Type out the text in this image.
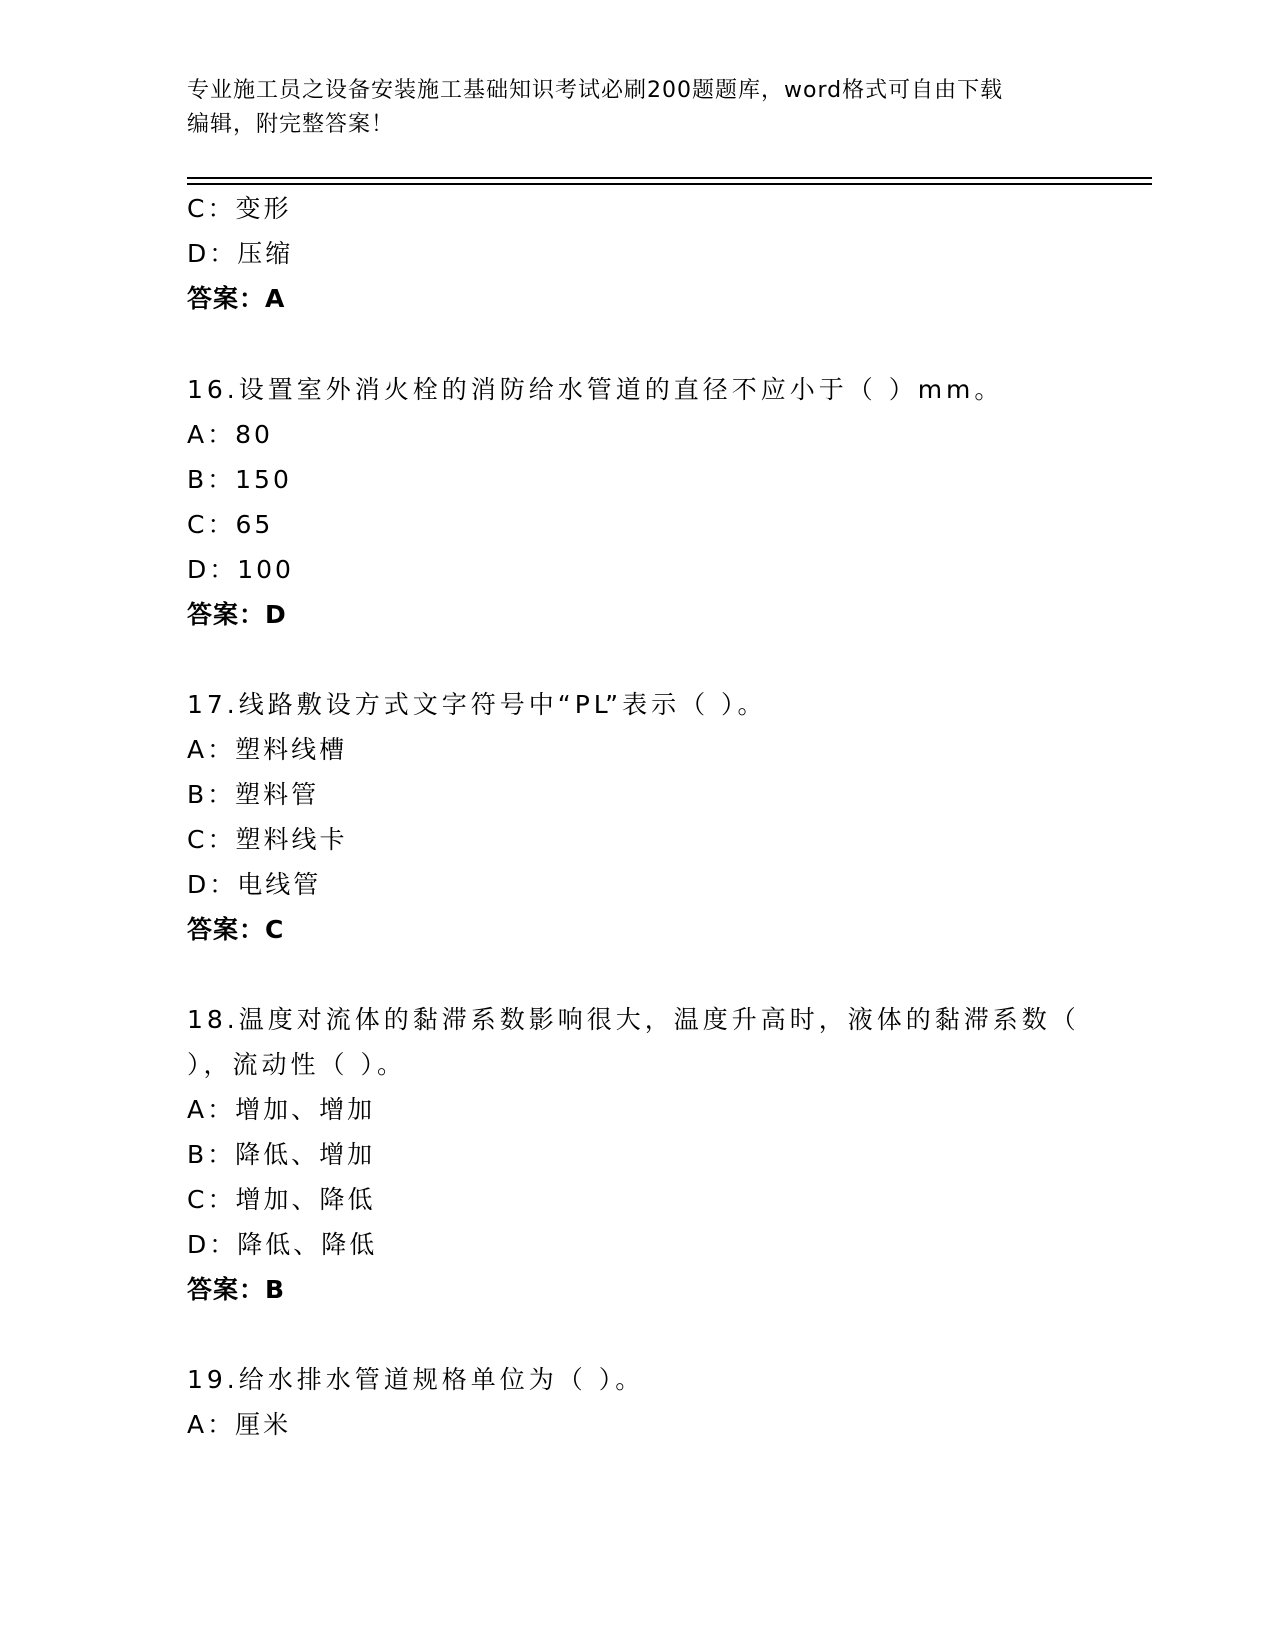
专业施工员之设备安装施工基础知识考试必刷200题题库，word格式可自由下载
编辑，附完整答案！
C：变形
D：压缩
答案：A
16.设置室外消火栓的消防给水管道的直径不应小于（ ）mm。
A：80
B：150
C：65
D：100
答案：D
17.线路敷设方式文字符号中“PL”表示（ ）。
A：塑料线槽
B：塑料管
C：塑料线卡
D：电线管
答案：C
18.温度对流体的黏滞系数影响很大，温度升高时，液体的黏滞系数（
），流动性（ ）。
A：增加、增加
B：降低、增加
C：增加、降低
D：降低、降低
答案：B
19.给水排水管道规格单位为（ ）。
A：厘米
